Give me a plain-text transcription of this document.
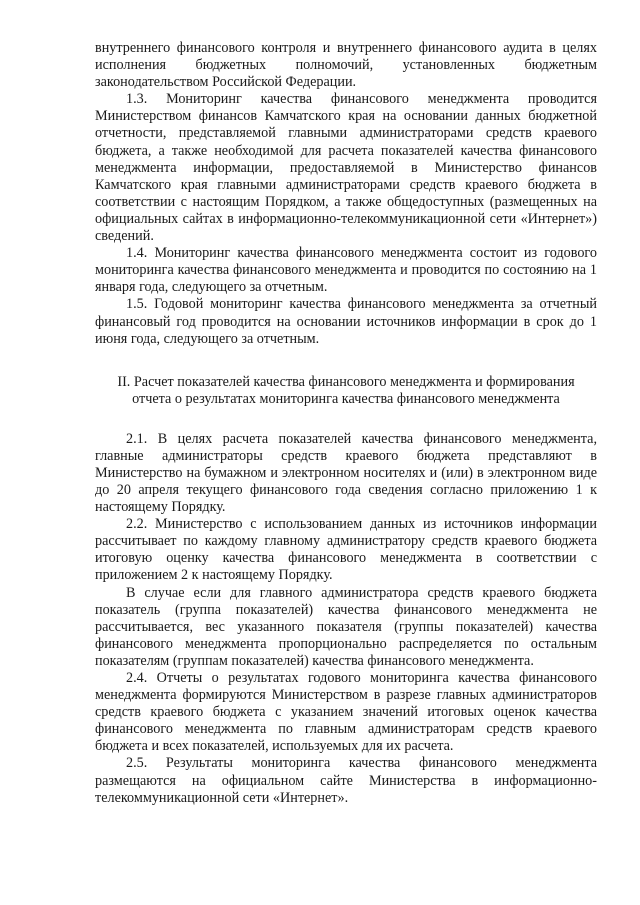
внутреннего финансового контроля и внутреннего финансового аудита в целях исполнения бюджетных полномочий, установленных бюджетным законодательством Российской Федерации.

1.3. Мониторинг качества финансового менеджмента проводится Министерством финансов Камчатского края на основании данных бюджетной отчетности, представляемой главными администраторами средств краевого бюджета, а также необходимой для расчета показателей качества финансового менеджмента информации, предоставляемой в Министерство финансов Камчатского края главными администраторами средств краевого бюджета в соответствии с настоящим Порядком, а также общедоступных (размещенных на официальных сайтах в информационно-телекоммуникационной сети «Интернет») сведений.

1.4. Мониторинг качества финансового менеджмента состоит из годового мониторинга качества финансового менеджмента и проводится по состоянию на 1 января года, следующего за отчетным.

1.5. Годовой мониторинг качества финансового менеджмента за отчетный финансовый год проводится на основании источников информации в срок до 1 июня года, следующего за отчетным.

II. Расчет показателей качества финансового менеджмента и формирования
отчета о результатах мониторинга качества финансового менеджмента

2.1. В целях расчета показателей качества финансового менеджмента, главные администраторы средств краевого бюджета представляют в Министерство на бумажном и электронном носителях и (или) в электронном виде до 20 апреля текущего финансового года сведения согласно приложению 1 к настоящему Порядку.

2.2. Министерство с использованием данных из источников информации рассчитывает по каждому главному администратору средств краевого бюджета итоговую оценку качества финансового менеджмента в соответствии с приложением 2 к настоящему Порядку.

В случае если для главного администратора средств краевого бюджета показатель (группа показателей) качества финансового менеджмента не рассчитывается, вес указанного показателя (группы показателей) качества финансового менеджмента пропорционально распределяется по остальным показателям (группам показателей) качества финансового менеджмента.

2.4. Отчеты о результатах годового мониторинга качества финансового менеджмента формируются Министерством в разрезе главных администраторов средств краевого бюджета с указанием значений итоговых оценок качества финансового менеджмента по главным администраторам средств краевого бюджета и всех показателей, используемых для их расчета.

2.5. Результаты мониторинга качества финансового менеджмента размещаются на официальном сайте Министерства в информационно-телекоммуникационной сети «Интернет».
